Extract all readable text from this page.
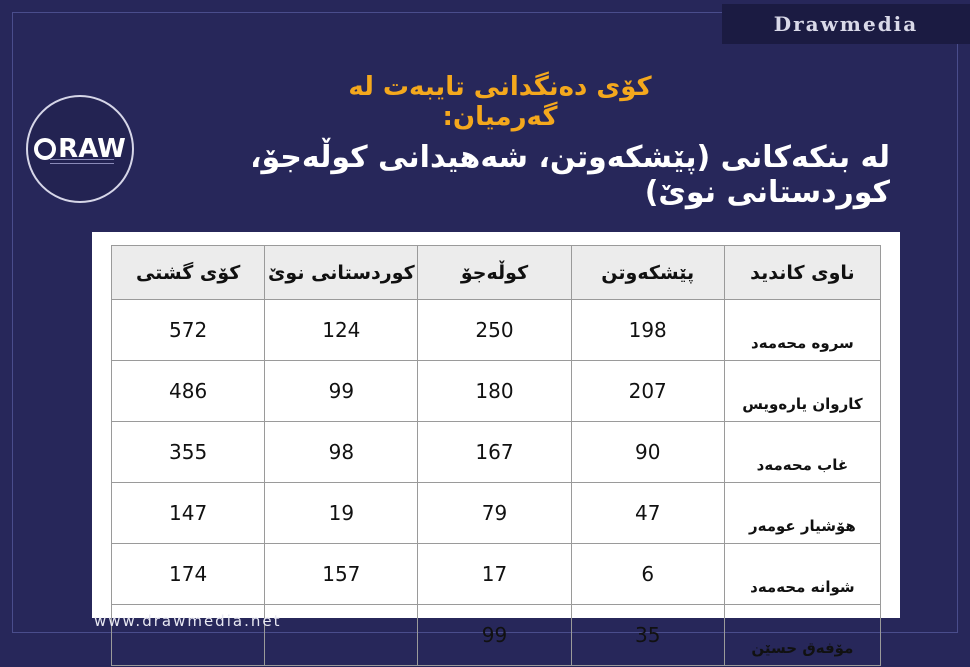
Drawmedia
RAW
کۆی دەنگدانی تایبەت لە گەرمیان:
لە بنکەکانی (پێشکەوتن، شەهیدانی کوڵەجۆ، کوردستانی نوێ)
ناوی کاندید	پێشکەوتن	کوڵەجۆ	کوردستانی نوێ	کۆی گشتی
سروە محەمەد	198	250	124	572
کاروان یارەویس	207	180	99	486
غاب محەمەد	90	167	98	355
هۆشیار عومەر	47	79	19	147
شوانە محەمەد	6	17	157	174
مۆفەق حسێن	35	99		
www.drawmedia.net
